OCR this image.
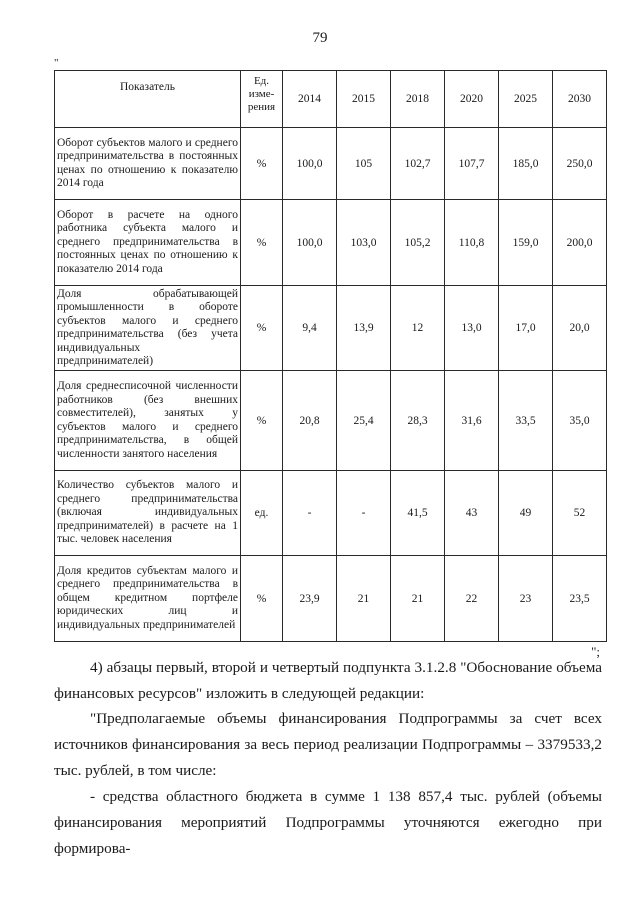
79
"
Показатель	Ед. изме-рения	2014	2015	2018	2020	2025	2030
Оборот субъектов малого и среднего предпринимательства в постоянных ценах по отношению к показателю 2014 года	%	100,0	105	102,7	107,7	185,0	250,0
Оборот в расчете на одного работника субъекта малого и среднего предпринимательства в постоянных ценах по отношению к показателю 2014 года	%	100,0	103,0	105,2	110,8	159,0	200,0
Доля обрабатывающей промышленности в обороте субъектов малого и среднего предпринимательства (без учета индивидуальных предпринимателей)	%	9,4	13,9	12	13,0	17,0	20,0
Доля среднесписочной численности работников (без внешних совместителей), занятых у субъектов малого и среднего предпринимательства, в общей численности занятого населения	%	20,8	25,4	28,3	31,6	33,5	35,0
Количество субъектов малого и среднего предпринимательства (включая индивидуальных предпринимателей) в расчете на 1 тыс. человек населения	ед.	-	-	41,5	43	49	52
Доля кредитов субъектам малого и среднего предпринимательства в общем кредитном портфеле юридических лиц и индивидуальных предпринимателей	%	23,9	21	21	22	23	23,5
";
4) абзацы первый, второй и четвертый подпункта 3.1.2.8 "Обоснование объема финансовых ресурсов" изложить в следующей редакции:
"Предполагаемые объемы финансирования Подпрограммы за счет всех источников финансирования за весь период реализации Подпрограммы – 3379533,2 тыс. рублей, в том числе:
- средства областного бюджета в сумме 1 138 857,4 тыс. рублей (объемы финансирования мероприятий Подпрограммы уточняются ежегодно при формирова-
